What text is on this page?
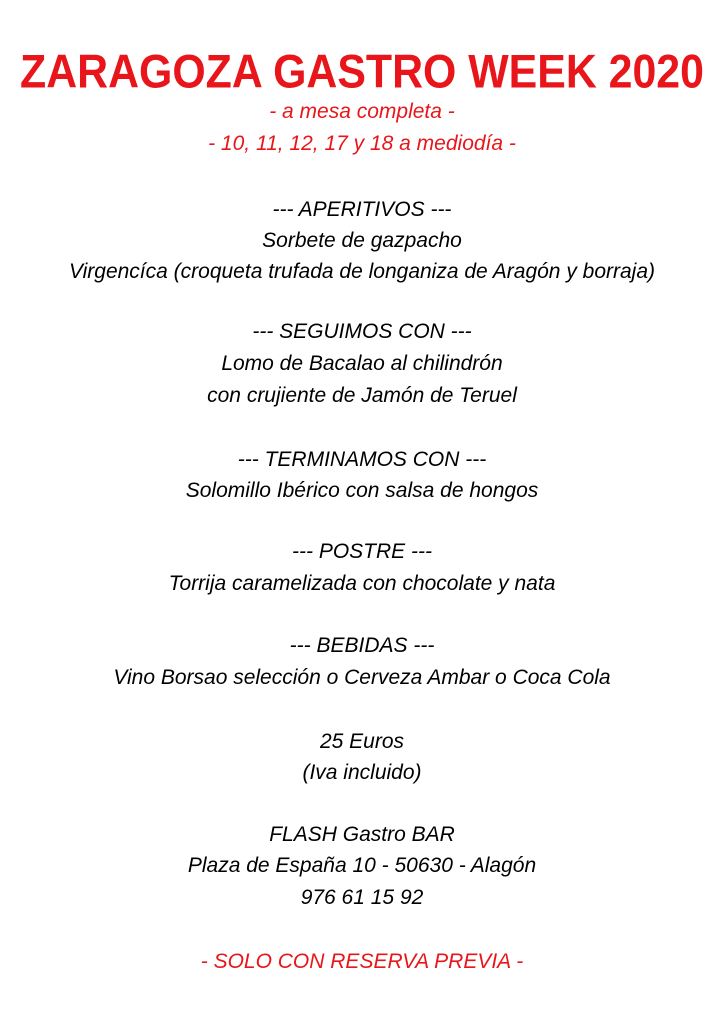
ZARAGOZA GASTRO WEEK 2020
- a mesa completa -
- 10, 11, 12, 17 y 18 a mediodía -
--- APERITIVOS ---
Sorbete de gazpacho
Virgencíca (croqueta trufada de longaniza de Aragón y borraja)
--- SEGUIMOS CON ---
Lomo de Bacalao al chilindrón
con crujiente de Jamón de Teruel
--- TERMINAMOS CON ---
Solomillo Ibérico con salsa de hongos
--- POSTRE ---
Torrija caramelizada con chocolate y nata
--- BEBIDAS ---
Vino Borsao selección o Cerveza Ambar o Coca Cola
25 Euros
(Iva incluido)
FLASH Gastro BAR
Plaza de España 10 - 50630 - Alagón
976 61 15 92
- SOLO CON RESERVA PREVIA -
